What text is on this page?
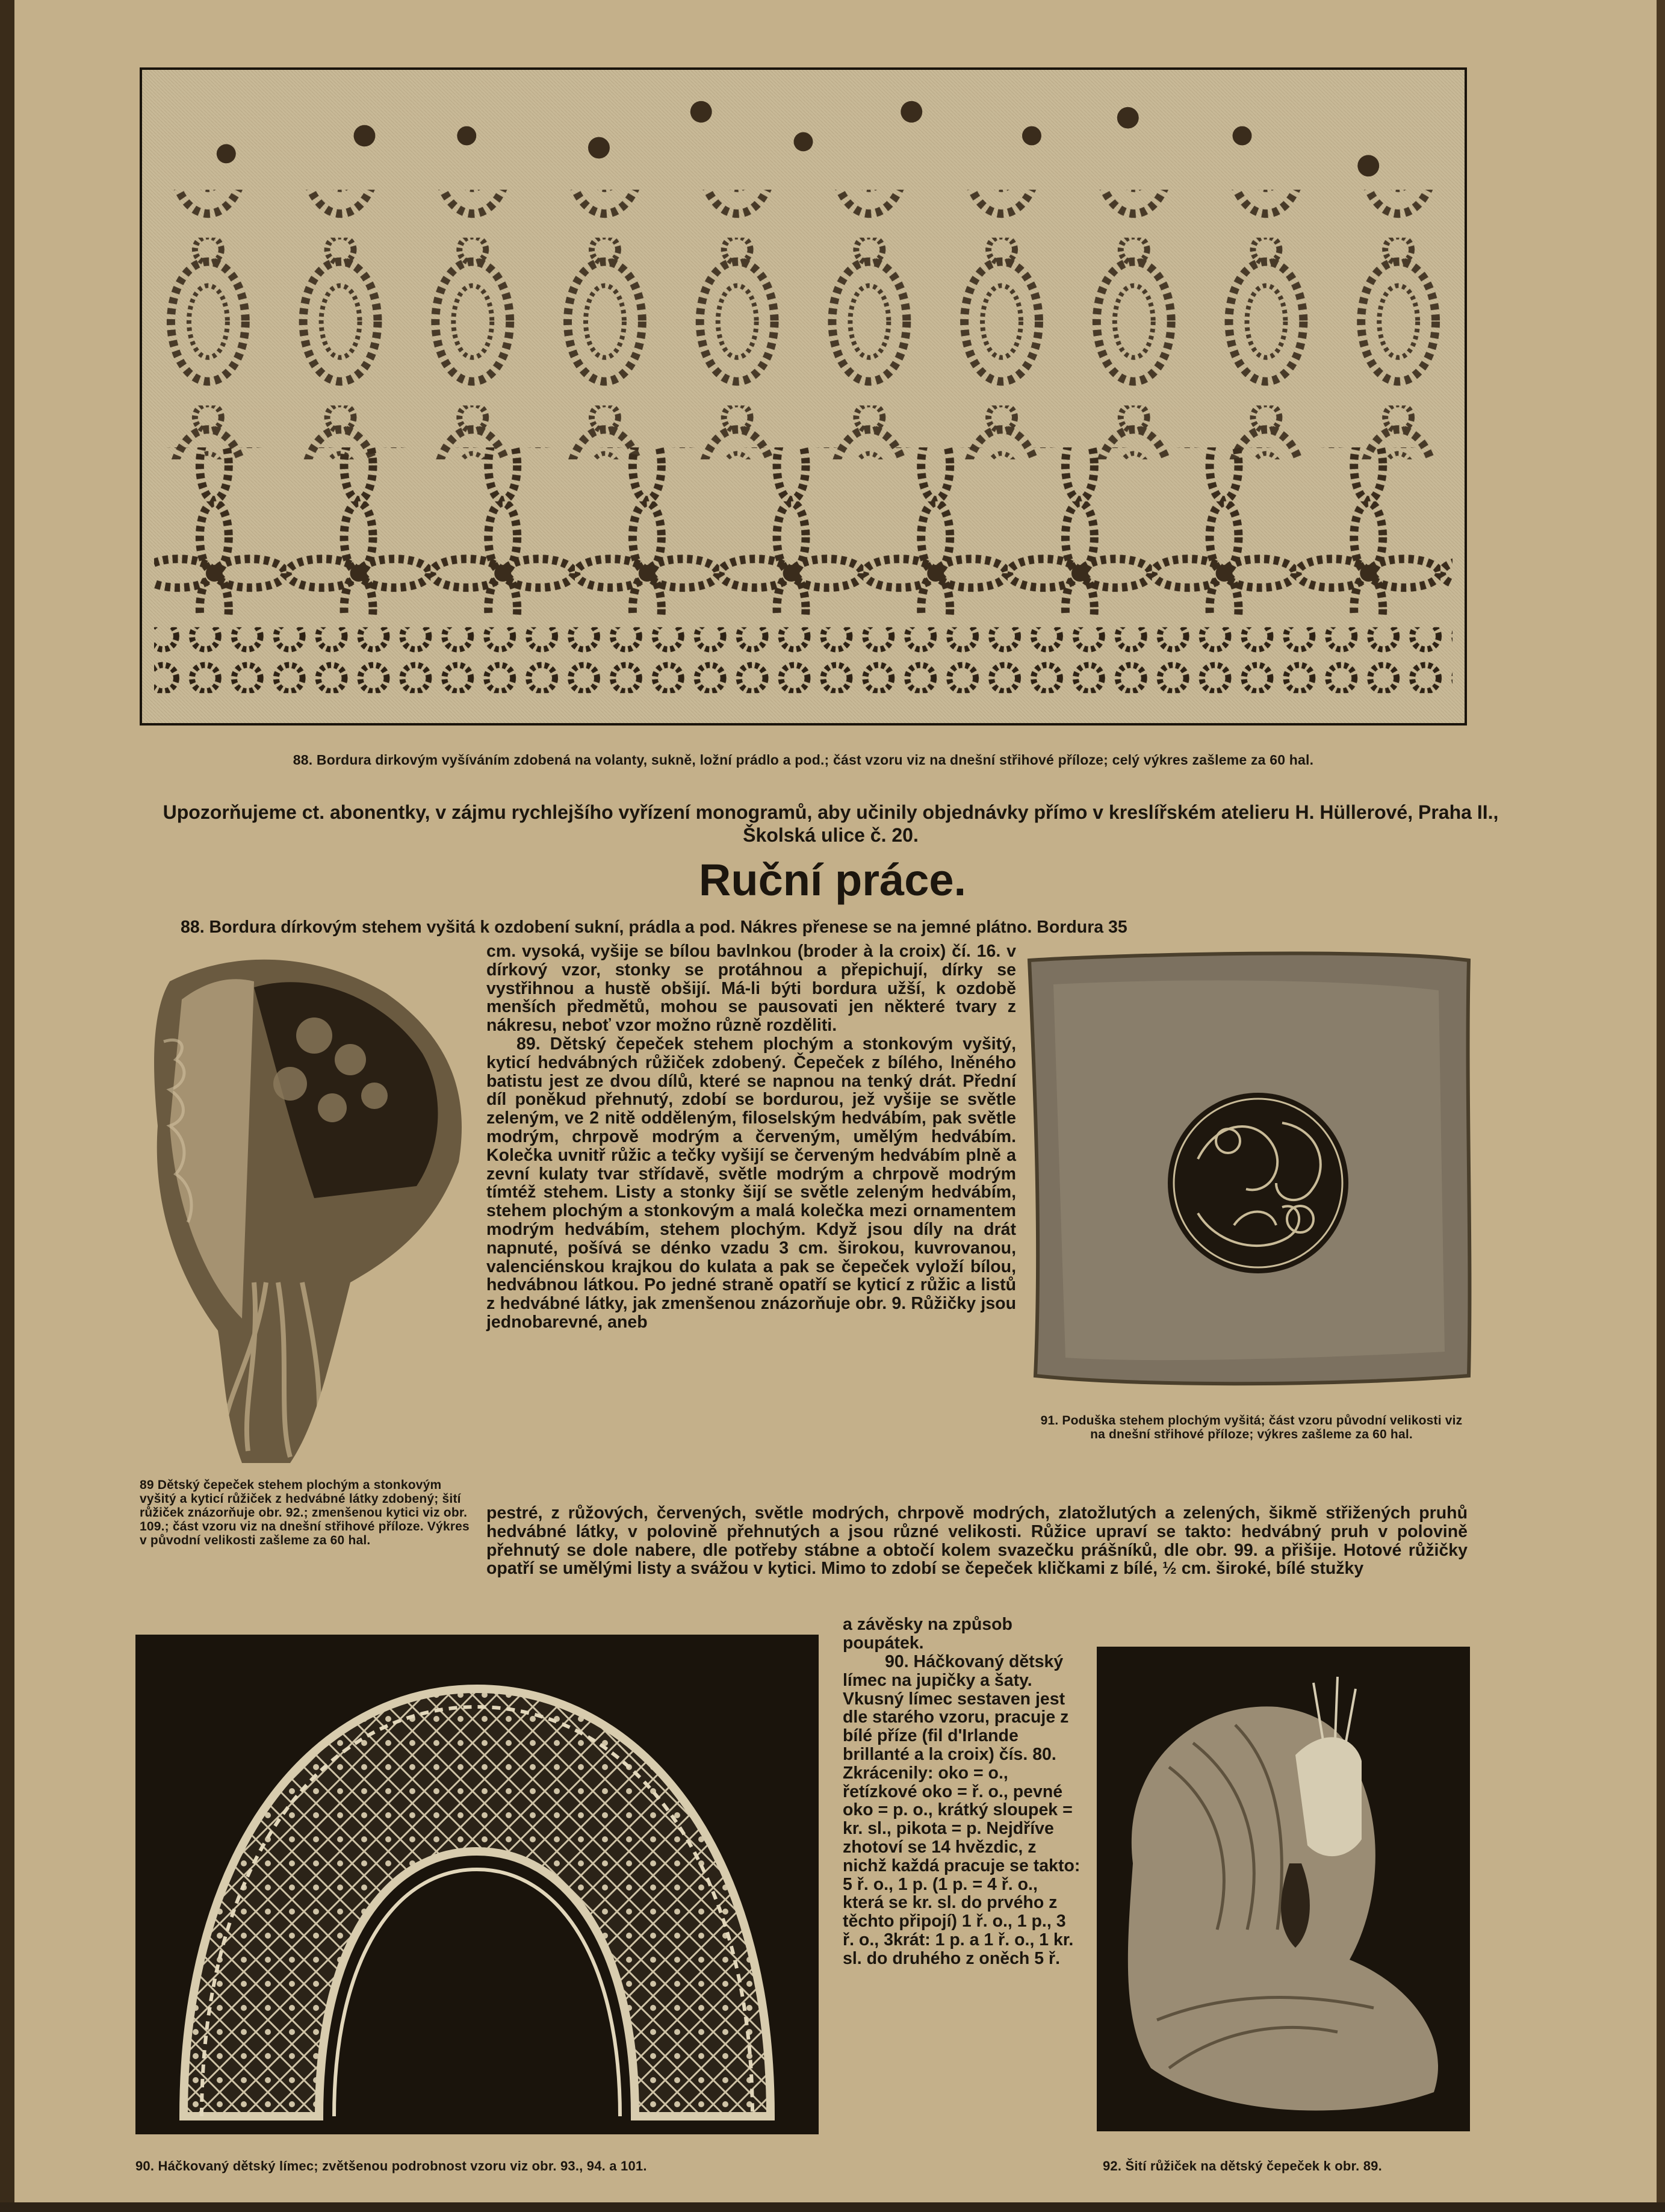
88. Bordura dirkovým vyšíváním zdobená na volanty, sukně, ložní prádlo a pod.; část vzoru viz na dnešní střihové příloze; celý výkres zašleme za 60 hal.
Upozorňujeme ct. abonentky, v zájmu rychlejšího vyřízení monogramů, aby učinily objednávky přímo v kreslířském atelieru H. Hüllerové, Praha II., Školská ulice č. 20.
Ruční práce.
88. Bordura dírkovým stehem vyšitá k ozdobení sukní, prádla a pod. Nákres přenese se na jemné plátno. Bordura 35
89 Dětský čepeček stehem plochým a stonkovým vyšitý a kyticí růžiček z hedvábné látky zdobený; šití růžiček znázorňuje obr. 92.; zmenšenou kytici viz obr. 109.; část vzoru viz na dnešní střihové příloze. Výkres v původní velikosti zašleme za 60 hal.

cm. vysoká, vyšije se bílou bavlnkou (broder à la croix) čí. 16. v dírkový vzor, stonky se protáhnou a přepichují, dírky se vystřihnou a hustě obšijí. Má-li býti bordura užší, k ozdobě menších předmětů, mohou se pausovati jen některé tvary z nákresu, neboť vzor možno různě rozděliti.

89. Dětský čepeček stehem plochým a stonkovým vyšitý, kyticí hedvábných růžiček zdobený. Čepeček z bílého, lněného batistu jest ze dvou dílů, které se napnou na tenký drát. Přední díl poněkud přehnutý, zdobí se bordurou, jež vyšije se světle zeleným, ve 2 nitě odděleným, filoselským hedvábím, pak světle modrým, chrpově modrým a červeným, umělým hedvábím. Kolečka uvnitř růžic a tečky vyšijí se červeným hedvábím plně a zevní kulaty tvar střídavě, světle modrým a chrpově modrým tímtéž stehem. Listy a stonky šijí se světle zeleným hedvábím, stehem plochým a stonkovým a malá kolečka mezi ornamentem modrým hedvábím, stehem plochým. Když jsou díly na drát napnuté, pošívá se dénko vzadu 3 cm. širokou, kuvrovanou, valenciénskou krajkou do kulata a pak se čepeček vyloží bílou, hedvábnou látkou. Po jedné straně opatří se kyticí z růžic a listů z hedvábné látky, jak zmenšenou znázorňuje obr. 9. Růžičky jsou jednobarevné, aneb

91. Poduška stehem plochým vyšitá; část vzoru původní velikosti viz na dnešní střihové příloze; výkres zašleme za 60 hal.
pestré, z růžových, červených, světle modrých, chrpově modrých, zlatožlutých a zelených, šikmě střižených pruhů hedvábné látky, v polovině přehnutých a jsou různé velikosti. Růžice upraví se takto: hedvábný pruh v polovině přehnutý se dole nabere, dle potřeby stábne a obtočí kolem svazečku prášníků, dle obr. 99. a přišije. Hotové růžičky opatří se umělými listy a svážou v kytici. Mimo to zdobí se čepeček kličkami z bílé, ½ cm. široké, bílé stužky
a závěsky na způsob poupátek.
90. Háčkovaný dětský límec; zvětšenou podrobnost vzoru viz obr. 93., 94. a 101.
90. Háčkovaný dětský límec na jupičky a šaty. Vkusný límec sestaven jest dle starého vzoru, pracuje z bílé příze (fil d'Irlande brillanté a la croix) čís. 80. Zkrácenily: oko = o., řetízkové oko = ř. o., pevné oko = p. o., krátký sloupek = kr. sl., pikota = p. Nejdříve zhotoví se 14 hvězdic, z nichž každá pracuje se takto: 5 ř. o., 1 p. (1 p. = 4 ř. o., která se kr. sl. do prvého z těchto připojí) 1 ř. o., 1 p., 3 ř. o., 3krát: 1 p. a 1 ř. o., 1 kr. sl. do druhého z oněch 5 ř.
92. Šití růžiček na dětský čepeček k obr. 89.
